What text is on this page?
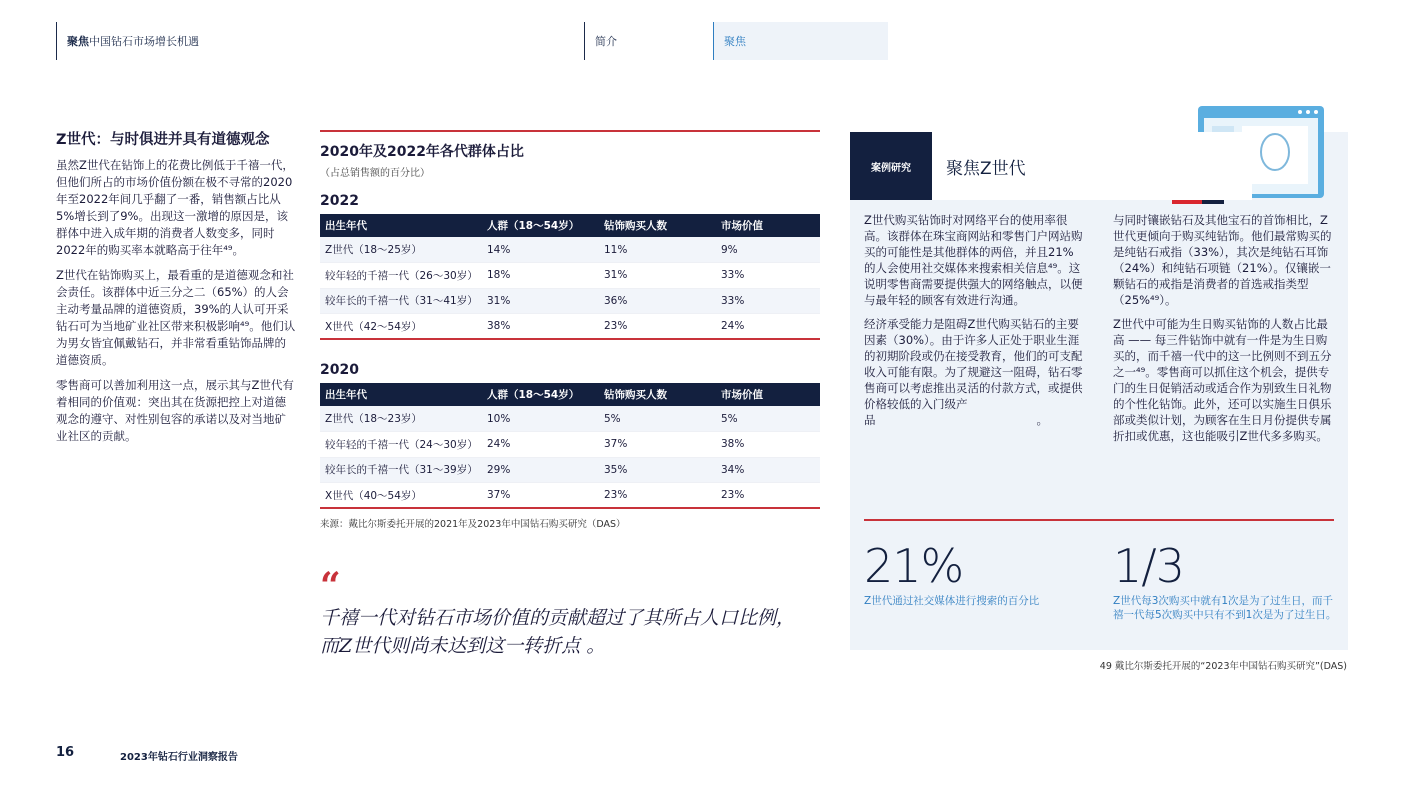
聚焦 中国钻石市场增长机遇	简介	聚焦
Z世代：与时俱进并具有道德观念

虽然Z世代在钻饰上的花费比例低于千禧一代，但他们所占的市场价值份额在极不寻常的2020年至2022年间几乎翻了一番，销售额占比从5%增长到了9%。出现这一激增的原因是，该群体中进入成年期的消费者人数变多，同时2022年的购买率本就略高于往年⁴⁹。

Z世代在钻饰购买上，最看重的是道德观念和社会责任。该群体中近三分之二（65%）的人会主动考量品牌的道德资质，39%的人认可开采钻石可为当地矿业社区带来积极影响⁴⁹。他们认为男女皆宜佩戴钻石，并非常看重钻饰品牌的道德资质。

零售商可以善加利用这一点，展示其与Z世代有着相同的价值观：突出其在货源把控上对道德观念的遵守、对性别包容的承诺以及对当地矿业社区的贡献。

2020年及2022年各代群体占比
（占总销售额的百分比）
2022
出生年代	人群（18～54岁）	钻饰购买人数	市场价值
Z世代（18～25岁）	14%	11%	9%
较年轻的千禧一代（26～30岁）	18%	31%	33%
较年长的千禧一代（31～41岁）	31%	36%	33%
X世代（42～54岁）	38%	23%	24%
2020
出生年代	人群（18～54岁）	钻饰购买人数	市场价值
Z世代（18～23岁）	10%	5%	5%
较年轻的千禧一代（24～30岁）	24%	37%	38%
较年长的千禧一代（31～39岁）	29%	35%	34%
X世代（40～54岁）	37%	23%	23%
来源：戴比尔斯委托开展的2021年及2023年中国钻石购买研究（DAS）
“
千禧一代对钻石市场价值的贡献超过了其所占人口比例，
而Z世代则尚未达到这一转折点 。
案例研究	聚焦Z世代

Z世代购买钻饰时对网络平台的使用率很高。该群体在珠宝商网站和零售门户网站购买的可能性是其他群体的两倍，并且21%的人会使用社交媒体来搜索相关信息⁴⁹。这说明零售商需要提供强大的网络触点，以便与最年轻的顾客有效进行沟通。

经济承受能力是阻碍Z世代购买钻石的主要因素（30%）。由于许多人正处于职业生涯的初期阶段或仍在接受教育，他们的可支配收入可能有限。为了规避这一阻碍，钻石零售商可以考虑推出灵活的付款方式，或提供价格较低的入门级产品　　　　　　　　　　　　　　。

与同时镶嵌钻石及其他宝石的首饰相比，Z世代更倾向于购买纯钻饰。他们最常购买的是纯钻石戒指（33%），其次是纯钻石耳饰（24%）和纯钻石项链（21%）。仅镶嵌一颗钻石的戒指是消费者的首选戒指类型（25%⁴⁹）。

Z世代中可能为生日购买钻饰的人数占比最高 —— 每三件钻饰中就有一件是为生日购买的，而千禧一代中的这一比例则不到五分之一⁴⁹。零售商可以抓住这个机会，提供专门的生日促销活动或适合作为别致生日礼物的个性化钻饰。此外，还可以实施生日俱乐部或类似计划，为顾客在生日月份提供专属折扣或优惠，这也能吸引Z世代多多购买。

21%
Z世代通过社交媒体进行搜索的百分比
1/3
Z世代每3次购买中就有1次是为了过生日，而千禧一代每5次购买中只有不到1次是为了过生日。
49 戴比尔斯委托开展的“2023年中国钻石购买研究”(DAS)
16	2023年钻石行业洞察报告
